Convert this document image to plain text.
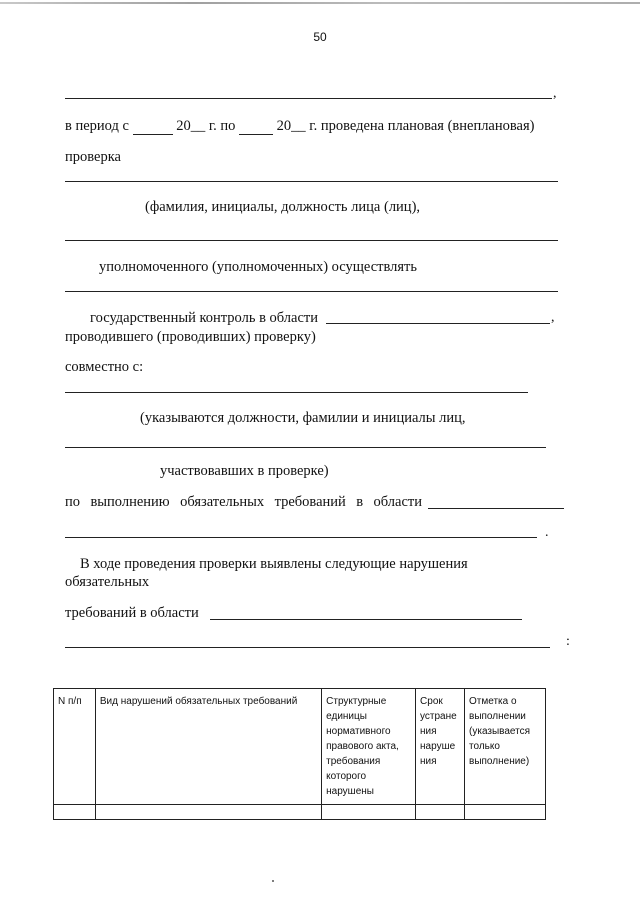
50
,
в период с	20__ г. по	20__ г. проведена плановая (внеплановая)
проверка
(фамилия, инициалы, должность лица (лиц),
уполномоченного (уполномоченных) осуществлять
государственный контроль в области	,
проводившего (проводивших) проверку)
совместно с:
(указываются должности, фамилии и инициалы лиц,
участвовавших в проверке)
по выполнению обязательных требований в области
.
В ходе проведения проверки выявлены следующие нарушения
обязательных
требований в области
:
N п/п	Вид нарушений обязательных требований	Структурные единицы нормативного правового акта, требования которого нарушены	Срок устране ния наруше ния	Отметка о выполнении (указывается только выполнение)
